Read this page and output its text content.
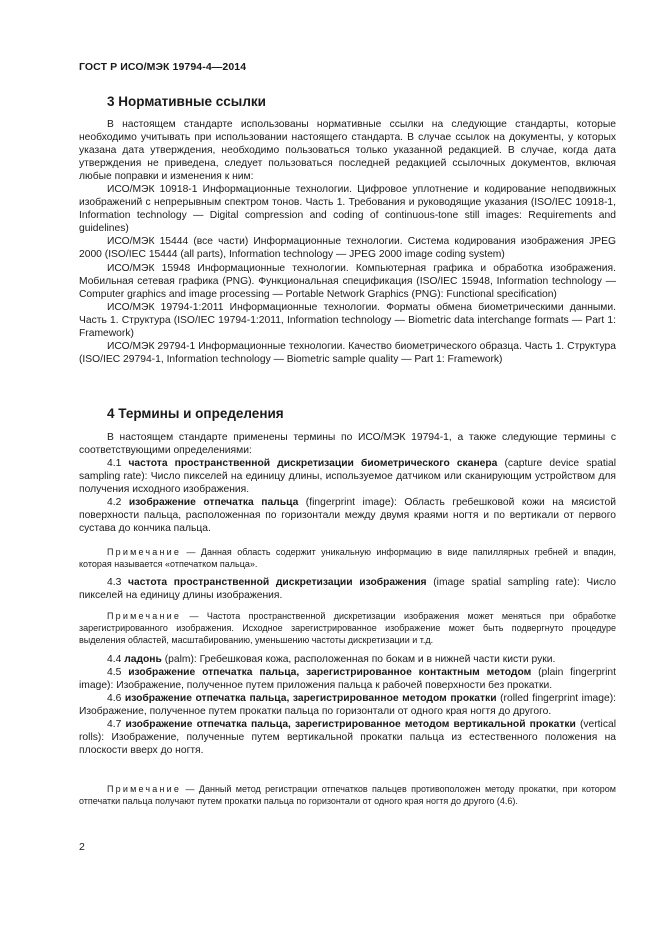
ГОСТ Р ИСО/МЭК 19794-4—2014
3 Нормативные ссылки

В настоящем стандарте использованы нормативные ссылки на следующие стандарты, которые необходимо учитывать при использовании настоящего стандарта. В случае ссылок на документы, у которых указана дата утверждения, необходимо пользоваться только указанной редакцией. В случае, когда дата утверждения не приведена, следует пользоваться последней редакцией ссылочных документов, включая любые поправки и изменения к ним:

ИСО/МЭК 10918-1 Информационные технологии. Цифровое уплотнение и кодирование неподвижных изображений с непрерывным спектром тонов. Часть 1. Требования и руководящие указания (ISO/IEC 10918-1, Information technology — Digital compression and coding of continuous-tone still images: Requirements and guidelines)

ИСО/МЭК 15444 (все части) Информационные технологии. Система кодирования изображения JPEG 2000 (ISO/IEC 15444 (all parts), Information technology — JPEG 2000 image coding system)

ИСО/МЭК 15948 Информационные технологии. Компьютерная графика и обработка изображения. Мобильная сетевая графика (PNG). Функциональная спецификация (ISO/IEC 15948, Information technology — Computer graphics and image processing — Portable Network Graphics (PNG): Functional specification)

ИСО/МЭК 19794-1:2011 Информационные технологии. Форматы обмена биометрическими данными. Часть 1. Структура (ISO/IEC 19794-1:2011, Information technology — Biometric data interchange formats — Part 1: Framework)

ИСО/МЭК 29794-1 Информационные технологии. Качество биометрического образца. Часть 1. Структура (ISO/IEC 29794-1, Information technology — Biometric sample quality — Part 1: Framework)

4 Термины и определения

В настоящем стандарте применены термины по ИСО/МЭК 19794-1, а также следующие термины с соответствующими определениями:

4.1 частота пространственной дискретизации биометрического сканера (capture device spatial sampling rate): Число пикселей на единицу длины, используемое датчиком или сканирующим устройством для получения исходного изображения.

4.2 изображение отпечатка пальца (fingerprint image): Область гребешковой кожи на мясистой поверхности пальца, расположенная по горизонтали между двумя краями ногтя и по вертикали от первого сустава до кончика пальца.

Примечание — Данная область содержит уникальную информацию в виде папиллярных гребней и впадин, которая называется «отпечатком пальца».

4.3 частота пространственной дискретизации изображения (image spatial sampling rate): Число пикселей на единицу длины изображения.

Примечание — Частота пространственной дискретизации изображения может меняться при обработке зарегистрированного изображения. Исходное зарегистрированное изображение может быть подвергнуто процедуре выделения областей, масштабированию, уменьшению частоты дискретизации и т.д.

4.4 ладонь (palm): Гребешковая кожа, расположенная по бокам и в нижней части кисти руки.

4.5 изображение отпечатка пальца, зарегистрированное контактным методом (plain fingerprint image): Изображение, полученное путем приложения пальца к рабочей поверхности без прокатки.

4.6 изображение отпечатка пальца, зарегистрированное методом прокатки (rolled fingerprint image): Изображение, полученное путем прокатки пальца по горизонтали от одного края ногтя до другого.

4.7 изображение отпечатка пальца, зарегистрированное методом вертикальной прокатки (vertical rolls): Изображение, полученные путем вертикальной прокатки пальца из естественного положения на плоскости вверх до ногтя.

Примечание — Данный метод регистрации отпечатков пальцев противоположен методу прокатки, при котором отпечатки пальца получают путем прокатки пальца по горизонтали от одного края ногтя до другого (4.6).

2
